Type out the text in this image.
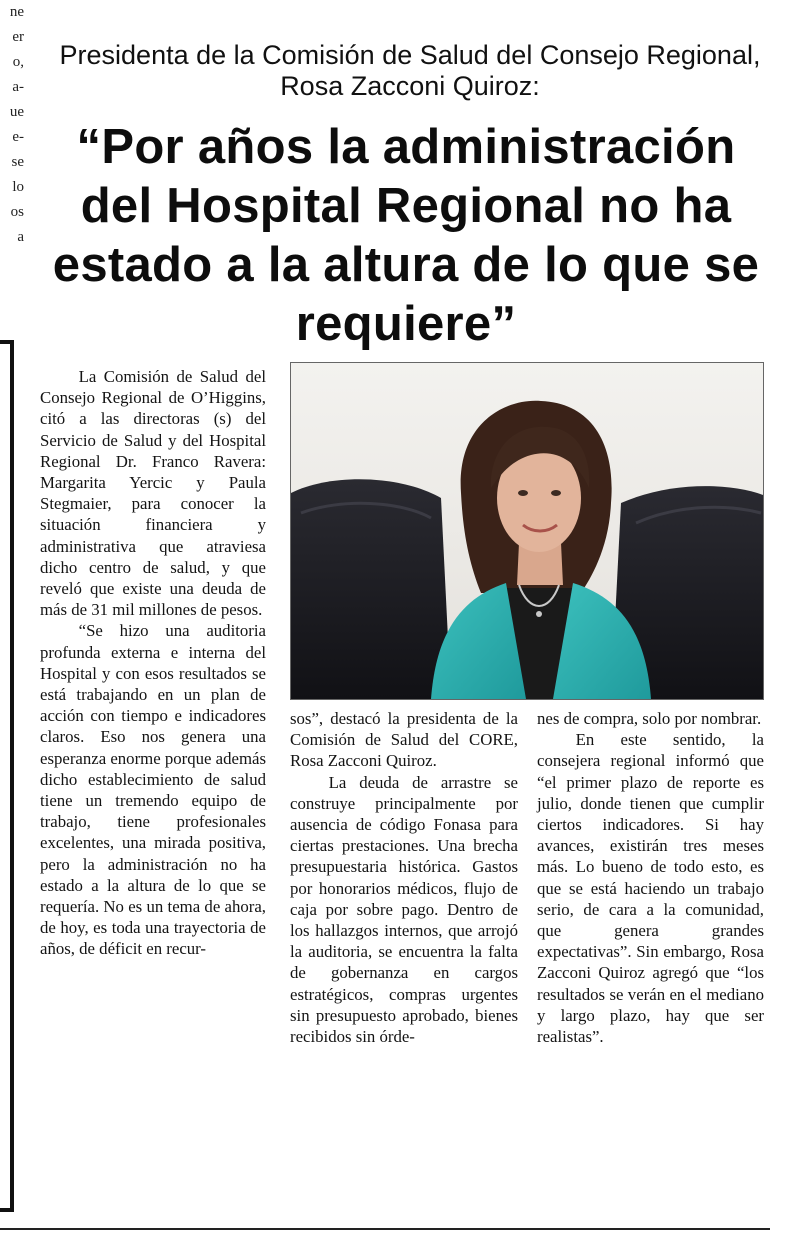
ne
er
o,
a-
ue
e-
se
lo
os
a
Presidenta de la Comisión de Salud del Consejo Regional, Rosa Zacconi Quiroz:
“Por años la administración del Hospital Regional no ha estado a la altura de lo que se requiere”

La Comisión de Salud del Consejo Regional de O’Higgins, citó a las directoras (s) del Servicio de Salud y del Hospital Regional Dr. Franco Ravera: Margarita Yercic y Paula Stegmaier, para conocer la situación financiera y administrativa que atraviesa dicho centro de salud, y que reveló que existe una deuda de más de 31 mil millones de pesos.

“Se hizo una auditoria profunda externa e interna del Hospital y con esos resultados se está trabajando en un plan de acción con tiempo e indicadores claros. Eso nos genera una esperanza enorme porque además dicho establecimiento de salud tiene un tremendo equipo de trabajo, tiene profesionales excelentes, una mirada positiva, pero la administración no ha estado a la altura de lo que se requería. No es un tema de ahora, de hoy, es toda una trayectoria de años, de déficit en recur-

sos”, destacó la presidenta de la Comisión de Salud del CORE, Rosa Zacconi Quiroz.

La deuda de arrastre se construye principalmente por ausencia de código Fonasa para ciertas prestaciones. Una brecha presupuestaria histórica. Gastos por honorarios médicos, flujo de caja por sobre pago. Dentro de los hallazgos internos, que arrojó la auditoria, se encuentra la falta de gobernanza en cargos estratégicos, compras urgentes sin presupuesto aprobado, bienes recibidos sin órde-

nes de compra, solo por nombrar.

En este sentido, la consejera regional informó que “el primer plazo de reporte es julio, donde tienen que cumplir ciertos indicadores. Si hay avances, existirán tres meses más. Lo bueno de todo esto, es que se está haciendo un trabajo serio, de cara a la comunidad, que genera grandes expectativas”. Sin embargo, Rosa Zacconi Quiroz agregó que “los resultados se verán en el mediano y largo plazo, hay que ser realistas”.
